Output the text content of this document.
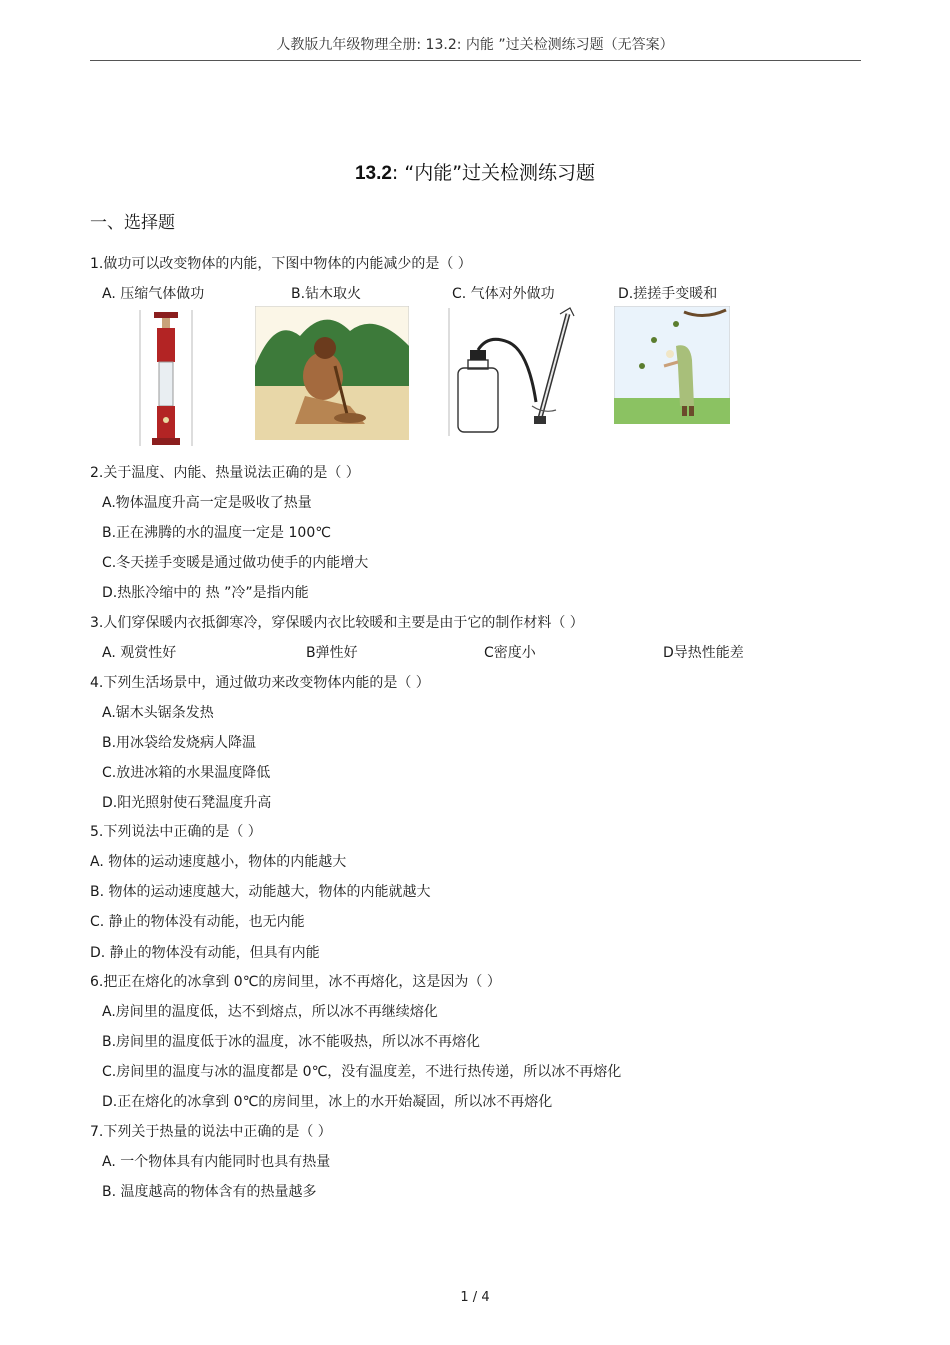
人教版九年级物理全册: 13.2: 内能 ”过关检测练习题（无答案）
13.2: “内能”过关检测练习题
一、选择题
1.做功可以改变物体的内能，下图中物体的内能减少的是（ ）
A. 压缩气体做功	B.钻木取火	C. 气体对外做功	D.搓搓手变暖和
2.关于温度、内能、热量说法正确的是（ ）
A.物体温度升高一定是吸收了热量
B.正在沸腾的水的温度一定是 100℃
C.冬天搓手变暖是通过做功使手的内能增大
D.热胀冷缩中的 热 ”冷”是指内能
3.人们穿保暖内衣抵御寒冷，穿保暖内衣比较暖和主要是由于它的制作材料（ ）
A. 观赏性好	B弹性好	C密度小	D导热性能差
4.下列生活场景中，通过做功来改变物体内能的是（ ）
A.锯木头锯条发热
B.用冰袋给发烧病人降温
C.放进冰箱的水果温度降低
D.阳光照射使石凳温度升高
5.下列说法中正确的是（ ）
A. 物体的运动速度越小，物体的内能越大
B. 物体的运动速度越大，动能越大，物体的内能就越大
C. 静止的物体没有动能，也无内能
D. 静止的物体没有动能，但具有内能
6.把正在熔化的冰拿到 0℃的房间里，冰不再熔化，这是因为（ ）
A.房间里的温度低，达不到熔点，所以冰不再继续熔化
B.房间里的温度低于冰的温度，冰不能吸热，所以冰不再熔化
C.房间里的温度与冰的温度都是 0℃，没有温度差，不进行热传递，所以冰不再熔化
D.正在熔化的冰拿到 0℃的房间里，冰上的水开始凝固，所以冰不再熔化
7.下列关于热量的说法中正确的是（ ）
A. 一个物体具有内能同时也具有热量
B. 温度越高的物体含有的热量越多
1 / 4
